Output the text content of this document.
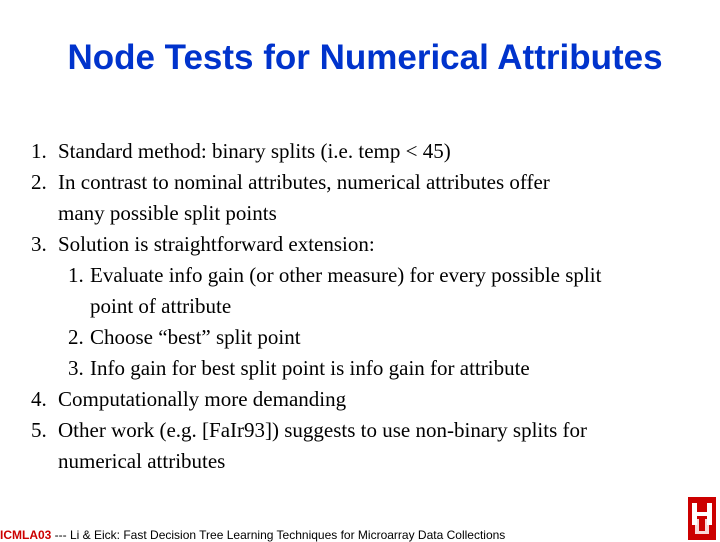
Node Tests for Numerical Attributes
1. Standard method: binary splits (i.e. temp < 45)
2. In contrast to nominal attributes, numerical attributes offer
many possible split points
3. Solution is straightforward extension:
1. Evaluate info gain (or other measure) for every possible split
point of attribute
2. Choose “best” split point
3. Info gain for best split point is info gain for attribute
4. Computationally more demanding
5. Other work (e.g. [FaIr93]) suggests to use non-binary splits for
numerical attributes
ICMLA03 --- Li & Eick: Fast Decision Tree Learning Techniques for Microarray Data Collections
